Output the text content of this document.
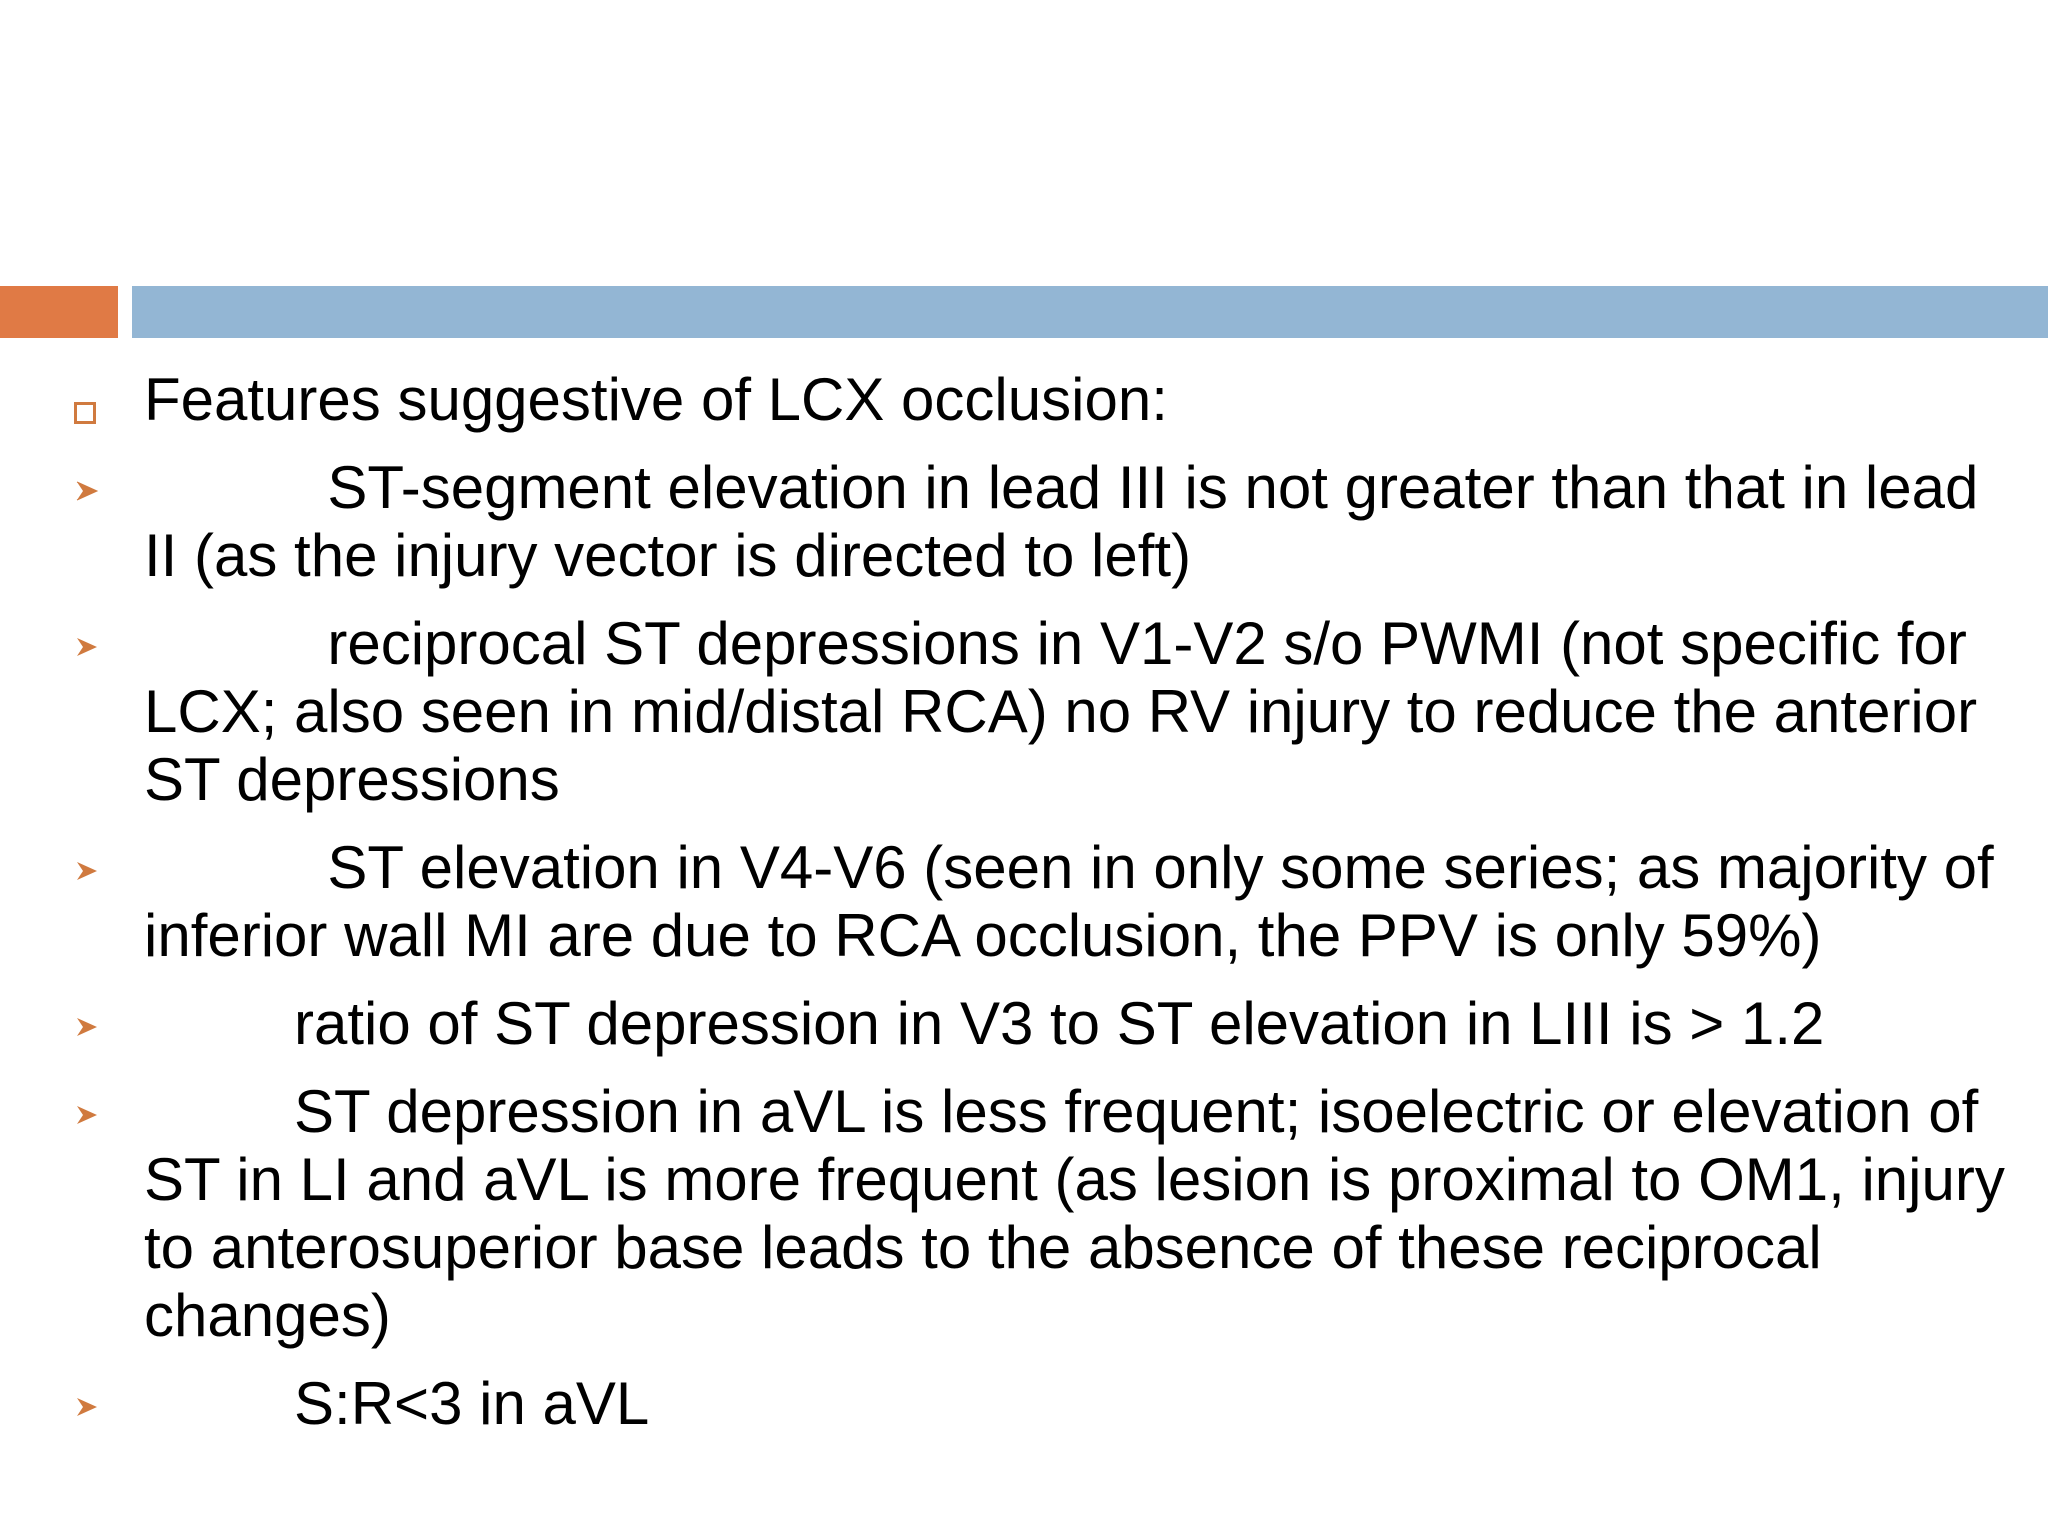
Features suggestive of LCX occlusion:
ST-segment elevation in lead III is not greater than that in lead II (as the injury vector is directed to left)
reciprocal ST depressions in V1-V2 s/o PWMI (not specific for LCX; also seen in mid/distal RCA) no RV injury to reduce the anterior ST depressions
ST elevation in V4-V6 (seen in only some series; as majority of inferior wall MI are due to RCA occlusion, the PPV is only 59%)
ratio of ST depression in V3 to ST elevation in LIII is > 1.2
ST depression in aVL is less frequent; isoelectric or elevation of ST in LI and aVL is more frequent (as lesion is proximal to OM1, injury to anterosuperior base leads to the absence of these reciprocal changes)
S:R<3 in aVL
